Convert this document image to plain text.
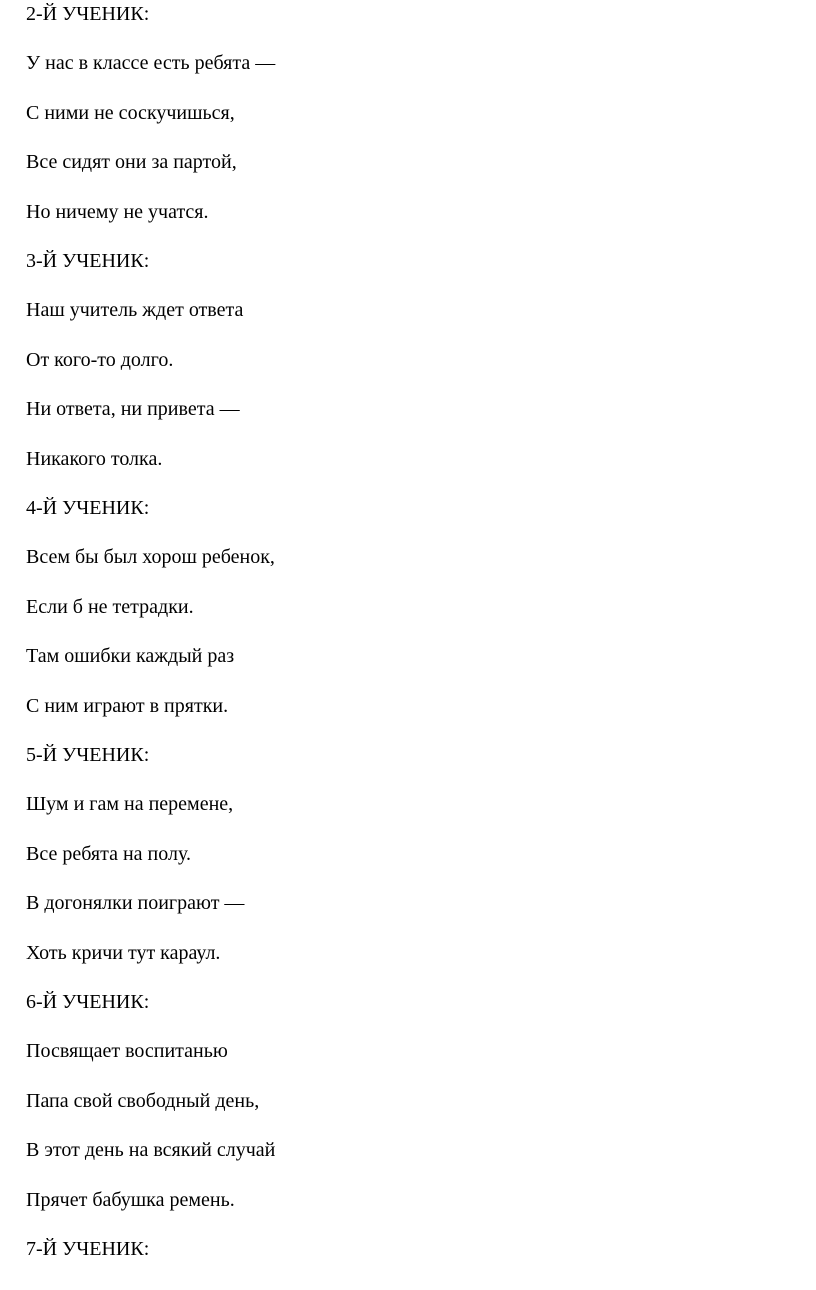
2-Й УЧЕНИК:

У нас в классе есть ребята —

С ними не соскучишься,

Все сидят они за партой,

Но ничему не учатся.

3-Й УЧЕНИК:

Наш учитель ждет ответа

От кого-то долго.

Ни ответа, ни привета —

Никакого толка.

4-Й УЧЕНИК:

Всем бы был хорош ребенок,

Если б не тетрадки.

Там ошибки каждый раз

С ним играют в прятки.

5-Й УЧЕНИК:

Шум и гам на перемене,

Все ребята на полу.

В догонялки поиграют —

Хоть кричи тут караул.

6-Й УЧЕНИК:

Посвящает воспитанью

Папа свой свободный день,

В этот день на всякий случай

Прячет бабушка ремень.

7-Й УЧЕНИК:
